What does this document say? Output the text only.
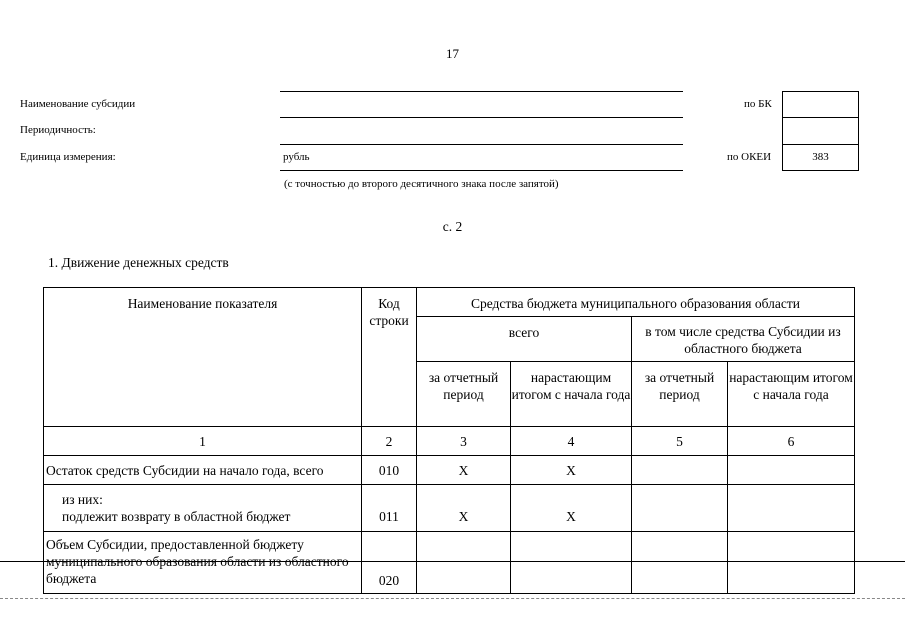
17
Наименование субсидии
Периодичность:
Единица измерения:	рубль
(с точностью до второго десятичного знака после запятой)
по БК
по ОКЕИ	383
с. 2
1. Движение денежных средств
Наименование показателя	Код строки	Средства бюджета муниципального образования области			
		всего		в том числе средства Субсидии из областного бюджета	
		за отчетный период	нарастающим итогом с начала года	за отчетный период	нарастающим итогом с начала года
1	2	3	4	5	6
Остаток средств Субсидии на начало года, всего	010	X	X		

из них:
подлежит возврату в областной бюджет	011	X	X		
Объем Субсидии, предоставленной бюджету муниципального образования области из областного бюджета	020				
